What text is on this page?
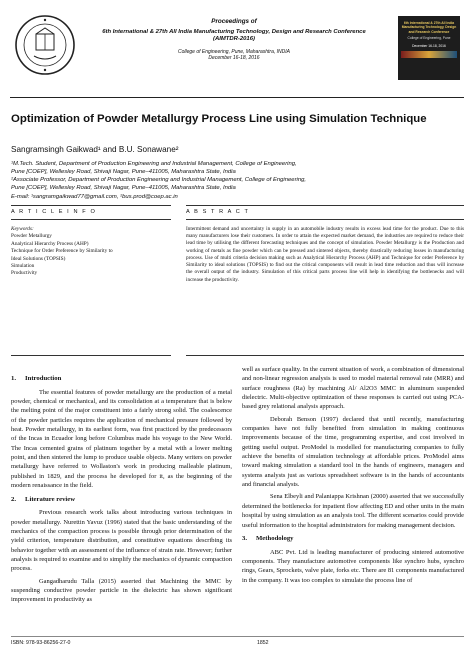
Proceedings of
6th International & 27th All India Manufacturing Technology, Design and Research Conference
(AIMTDR-2016)
College of Engineering, Pune, Maharashtra, INDIA
December 16-18, 2016
6th International & 27th All India Manufacturing Technology, Design and Research Conference
College of Engineering, Pune
December 16-18, 2016
Optimization of Powder Metallurgy Process Line using Simulation Technique
Sangramsingh Gaikwad¹ and B.U. Sonawane²
¹M.Tech. Student, Department of Production Engineering and Industrial Management, College of Engineering,
Pune [COEP], Wellesley Road, Shivaji Nagar, Pune–411005, Maharashtra State, India
²Associate Professor, Department of Production Engineering and Industrial Management, College of Engineering,
Pune [COEP], Wellesley Road, Shivaji Nagar, Pune–411005, Maharashtra State, India
E-mail: ¹sangramgaikwad77@gmail.com, ²bus.prod@coep.ac.in
A R T I C L E I N F O	A B S T R A C T
Keywords:
Powder Metallurgy
Analytical Hierarchy Process (AHP)
Technique for Order Preference by Similarity to
Ideal Solutions (TOPSIS)
Simulation
Productivity
Intermittent demand and uncertainty in supply in an automobile industry results in excess lead time for the product. Due to this many manufacturers lose their customers. In order to attain the expected market demand, the industries are required to reduce their lead time by utilising the different forecasting techniques and the concept of simulation. Powder Metallurgy is the Production and working of metals as fine powder which can be pressed and sintered objects, thereby drastically reducing losses in manufacturing process. Use of multi criteria decision making such as Analytical Hierarchy Process (AHP) and Technique for order Preference by Similarity to ideal solutions (TOPSIS) to find out the critical components will result in lead time reduction and thus will increase the overall output of the industry. Simulation of this critical parts process line will help in identifying the bottlenecks and will increase the productivity.
1. Introduction

The essential features of powder metallurgy are the production of a metal powder, chemical or mechanical, and its consolidation at a temperature that is below the melting point of the major constituent into a fairly strong solid. The coalescence of the powder particles requires the application of mechanical pressure followed by heat. Powder metallurgy, in its earliest form, was first practiced by the predecessors of the Incas in Ecuador long before Columbus made his voyage to the New World. The Incas cemented grains of platinum together by a metal with a lower melting point, and then sintered the lump to produce usable objects. Many writers on powder metallurgy have referred to Wollaston's work in producing malleable platinum, published in 1829, and the process he developed for it, as the beginning of the modern renaissance in the field.

2. Literature review

Previous research work talks about introducing various techniques in powder metallurgy. Nurettin Yavuz (1996) stated that the basic understanding of the mechanics of the compaction process is possible through prior determination of the yield criterion, temperature distribution, and constitutive equations describing its behavior together with an assessment of the influence of strain rate. However; further analysis is required to examine and to simplify the mechanics of dynamic compaction process.

Gangadharudu Talla (2015) asserted that Machining the MMC by suspending conductive powder particle in the dielectric has shown significant improvement in productivity as

well as surface quality. In the current situation of work, a combination of dimensional and non-linear regression analysis is used to model material removal rate (MRR) and surface roughness (Ra) by machining Al/ Al2O3 MMC in aluminum suspended dielectric. Multi-objective optimization of these responses is carried out using PCA-based grey relational analysis approach.

Deborah Benson (1997) declared that until recently, manufacturing companies have not fully benefited from simulation in making continuous improvements because of the time, programming expertise, and cost involved in getting useful output. ProModel is modelled for manufacturing companies to fully achieve the benefits of simulation technology at affordable prices. ProModel aims toward making simulation a standard tool in the hands of engineers, managers and systems analysts just as various spreadsheet software is in the hands of accountants and financial analysts.

Sena Elbeyli and Palaniappa Krishnan (2000) asserted that we successfully determined the bottlenecks for inpatient flow affecting ED and other units in the main hospital by using simulation as an analysis tool. The different scenarios could provide useful information to the hospital administrators for making management decision.

3. Methodology

ABC Pvt. Ltd is leading manufacturer of producing sintered automotive components. They manufacture automotive components like synchro hubs, synchro rings, Gears, Sprockets, valve plate, forks etc. There are 81 components manufactured in the company. It was too complex to simulate the process line of

ISBN: 978-93-86256-27-0	1852
